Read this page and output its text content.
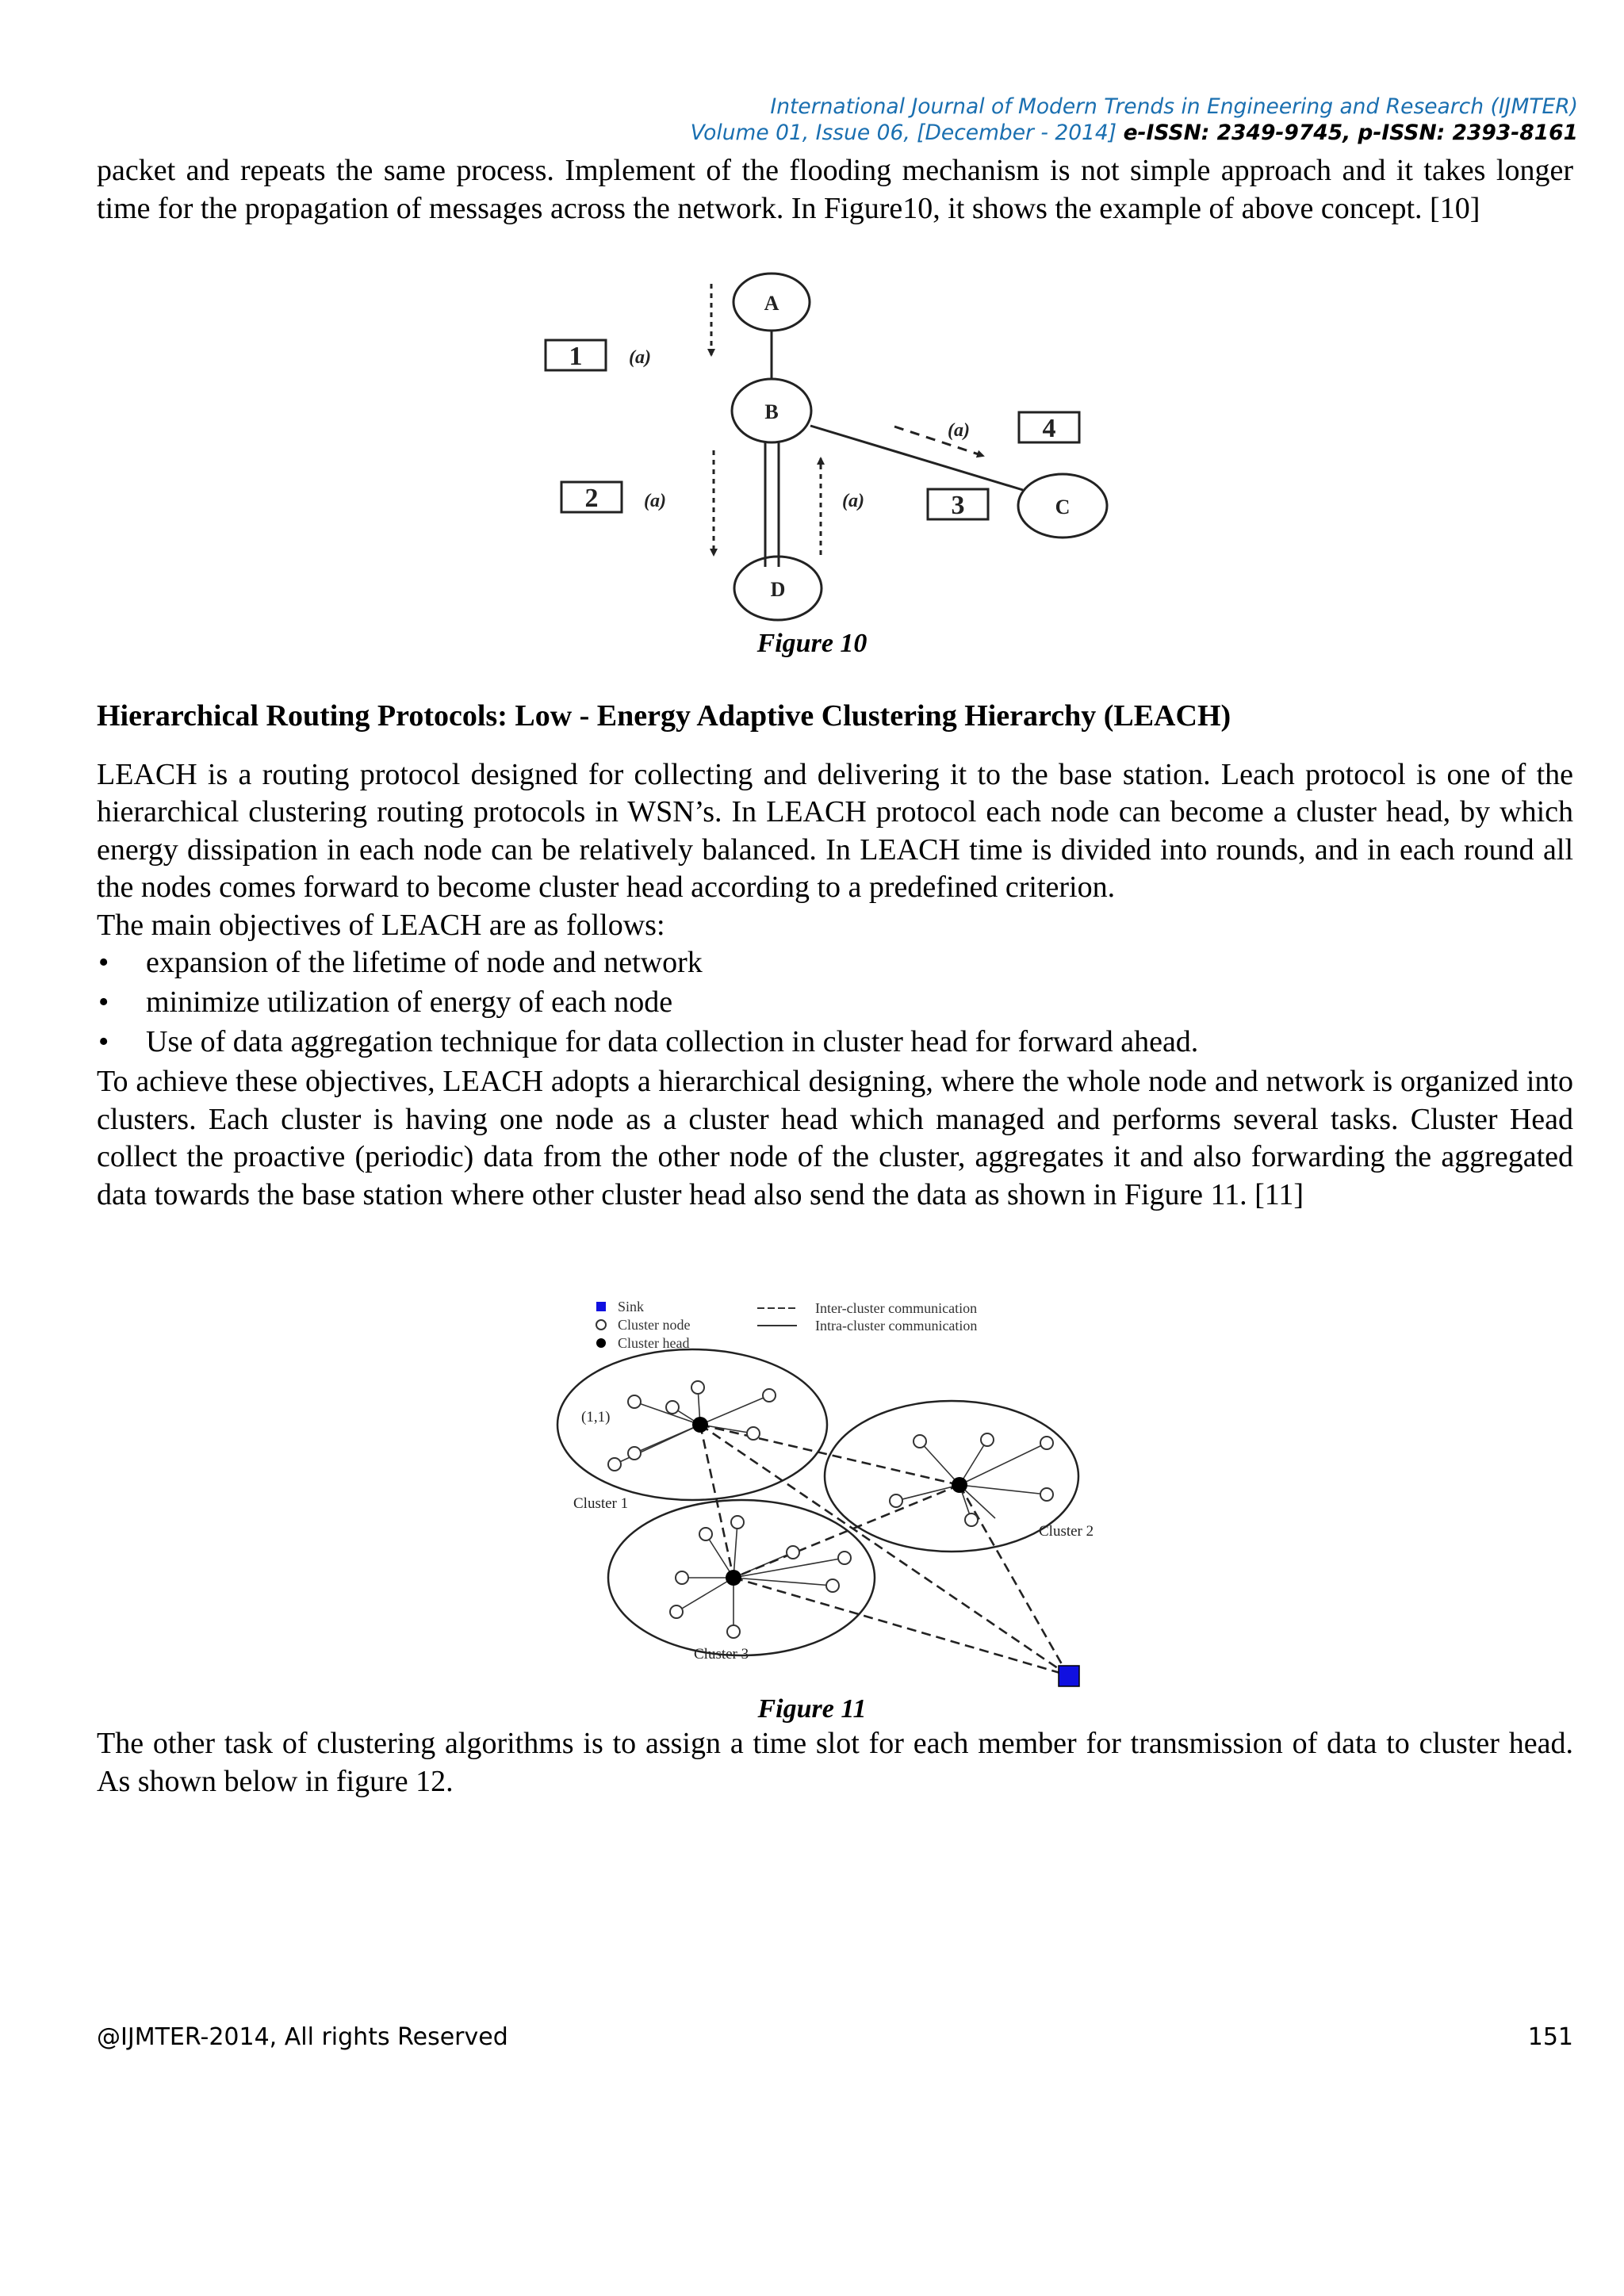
International Journal of Modern Trends in Engineering and Research (IJMTER)
Volume 01, Issue 06, [December - 2014] e-ISSN: 2349-9745, p-ISSN: 2393-8161

packet and repeats the same process. Implement of the flooding mechanism is not simple approach and it takes longer time for the propagation of messages across the network. In Figure10, it shows the example of above concept. [10]

A
B
C
D
1
2	3
4
(a)
(a)	(a)
(a)
Figure 10
Hierarchical Routing Protocols: Low - Energy Adaptive Clustering Hierarchy (LEACH)

LEACH is a routing protocol designed for collecting and delivering it to the base station. Leach protocol is one of the hierarchical clustering routing protocols in WSN’s. In LEACH protocol each node can become a cluster head, by which energy dissipation in each node can be relatively balanced. In LEACH time is divided into rounds, and in each round all the nodes comes forward to become cluster head according to a predefined criterion.

The main objectives of LEACH are as follows:
• expansion of the lifetime of node and network
• minimize utilization of energy of each node
• Use of data aggregation technique for data collection in cluster head for forward ahead.

To achieve these objectives, LEACH adopts a hierarchical designing, where the whole node and network is organized into clusters. Each cluster is having one node as a cluster head which managed and performs several tasks. Cluster Head collect the proactive (periodic) data from the other node of the cluster, aggregates it and also forwarding the aggregated data towards the base station where other cluster head also send the data as shown in Figure 11. [11]

Sink
Cluster node
Cluster head
Inter-cluster communication
Intra-cluster communication
(1,1)
Cluster 1
Cluster 2
Cluster 3
Figure 11

The other task of clustering algorithms is to assign a time slot for each member for transmission of data to cluster head. As shown below in figure 12.

@IJMTER-2014, All rights Reserved	151
